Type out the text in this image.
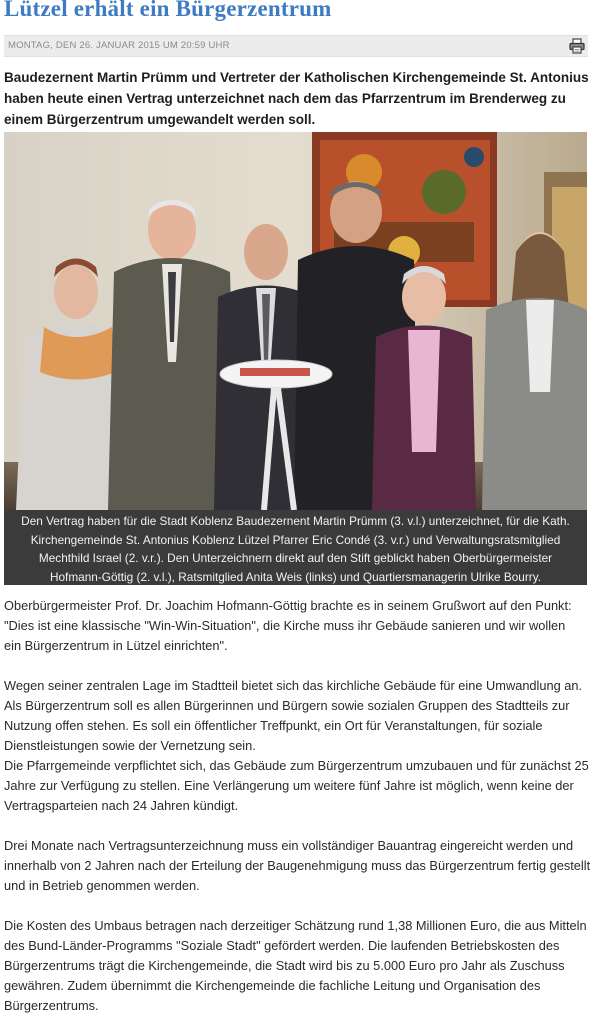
Lützel erhält ein Bürgerzentrum
MONTAG, DEN 26. JANUAR 2015 UM 20:59 UHR
Baudezernent Martin Prümm und Vertreter der Katholischen Kirchengemeinde St. Antonius
haben heute einen Vertrag unterzeichnet nach dem das Pfarrzentrum im Brenderweg zu
einem Bürgerzentrum umgewandelt werden soll.
Den Vertrag haben für die Stadt Koblenz Baudezernent Martin Prümm (3. v.l.) unterzeichnet, für die Kath.
Kirchengemeinde St. Antonius Koblenz Lützel Pfarrer Eric Condé (3. v.r.) und Verwaltungsratsmitglied
Mechthild Israel (2. v.r.). Den Unterzeichnern direkt auf den Stift geblickt haben Oberbürgermeister
Hofmann-Göttig (2. v.l.), Ratsmitglied Anita Weis (links) und Quartiersmanagerin Ulrike Bourry.

Oberbürgermeister Prof. Dr. Joachim Hofmann-Göttig brachte es in seinem Grußwort auf den Punkt:
"Dies ist eine klassische "Win-Win-Situation", die Kirche muss ihr Gebäude sanieren und wir wollen
ein Bürgerzentrum in Lützel einrichten".

Wegen seiner zentralen Lage im Stadtteil bietet sich das kirchliche Gebäude für eine Umwandlung an.
Als Bürgerzentrum soll es allen Bürgerinnen und Bürgern sowie sozialen Gruppen des Stadtteils zur
Nutzung offen stehen. Es soll ein öffentlicher Treffpunkt, ein Ort für Veranstaltungen, für soziale
Dienstleistungen sowie der Vernetzung sein.
Die Pfarrgemeinde verpflichtet sich, das Gebäude zum Bürgerzentrum umzubauen und für zunächst 25
Jahre zur Verfügung zu stellen. Eine Verlängerung um weitere fünf Jahre ist möglich, wenn keine der
Vertragsparteien nach 24 Jahren kündigt.

Drei Monate nach Vertragsunterzeichnung muss ein vollständiger Bauantrag eingereicht werden und
innerhalb von 2 Jahren nach der Erteilung der Baugenehmigung muss das Bürgerzentrum fertig gestellt
und in Betrieb genommen werden.

Die Kosten des Umbaus betragen nach derzeitiger Schätzung rund 1,38 Millionen Euro, die aus Mitteln
des Bund-Länder-Programms "Soziale Stadt" gefördert werden. Die laufenden Betriebskosten des
Bürgerzentrums trägt die Kirchengemeinde, die Stadt wird bis zu 5.000 Euro pro Jahr als Zuschuss
gewähren. Zudem übernimmt die Kirchengemeinde die fachliche Leitung und Organisation des
Bürgerzentrums.
